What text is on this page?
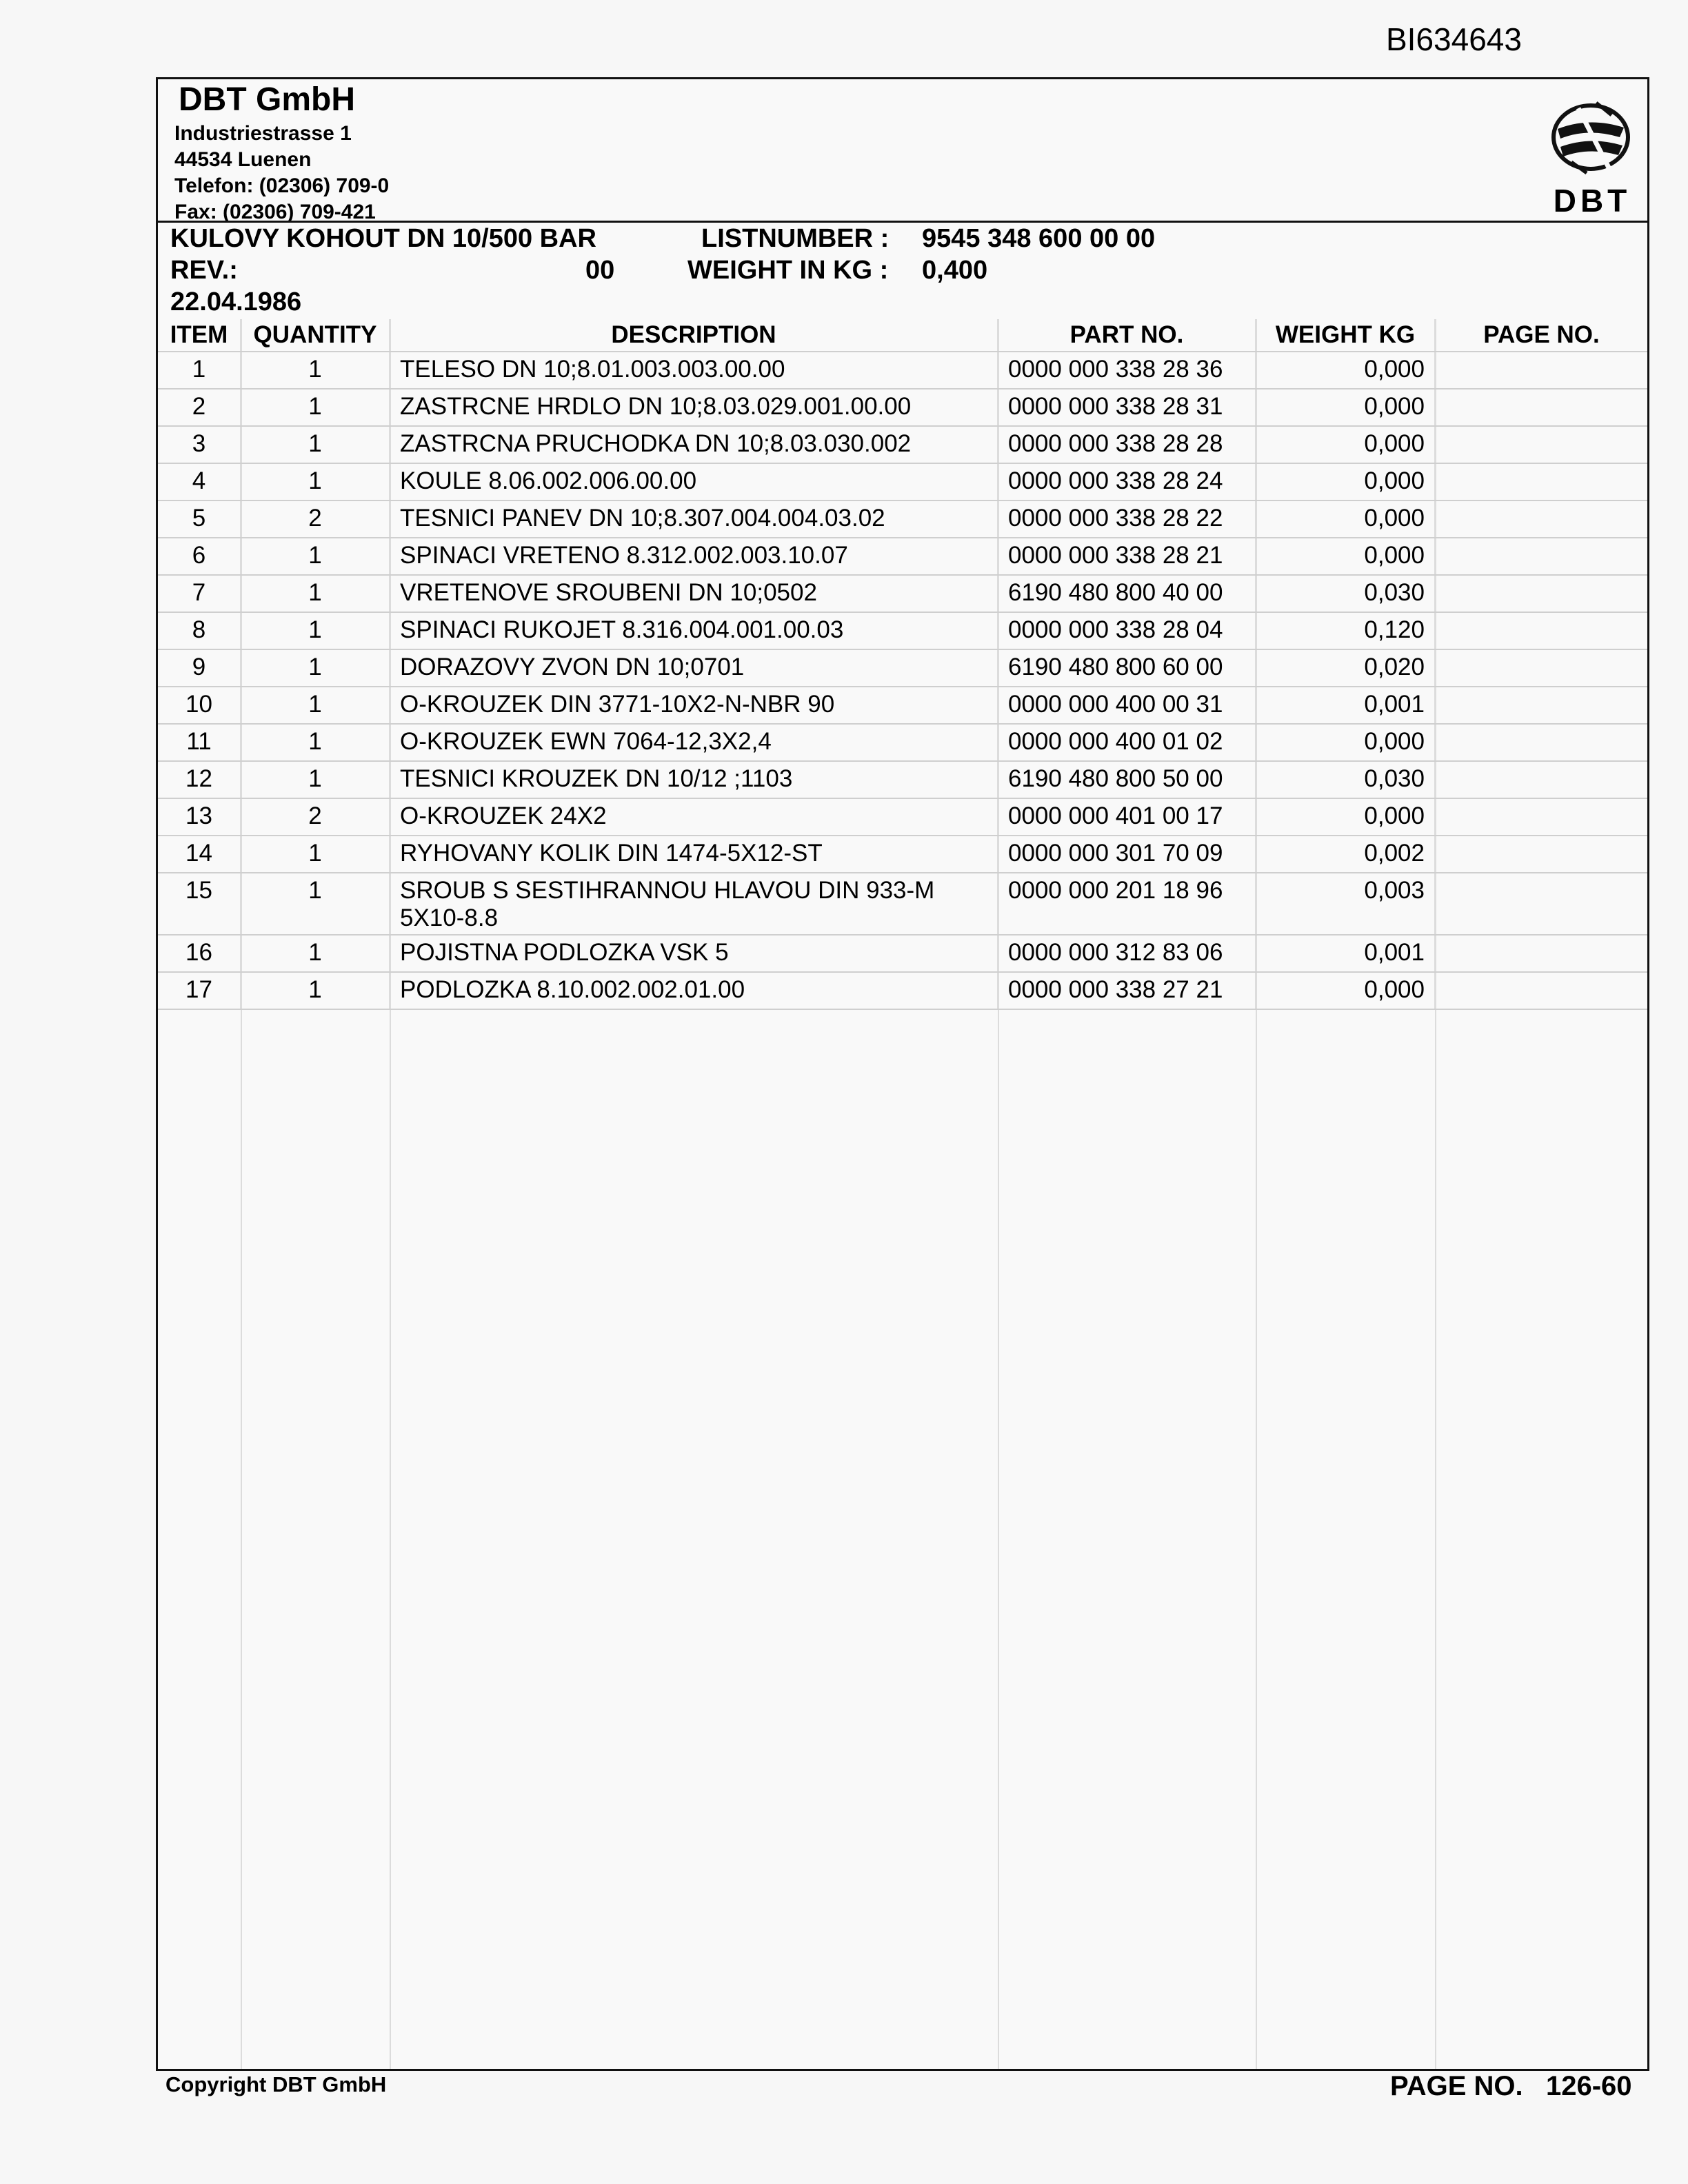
BI634643
DBT GmbH
Industriestrasse 1
44534 Luenen
Telefon: (02306) 709-0
Fax: (02306) 709-421	DBT
KULOVY KOHOUT DN 10/500 BAR	LISTNUMBER : 9545 348 600 00 00
REV.:	00	WEIGHT IN KG : 0,400
22.04.1986
ITEM	QUANTITY	DESCRIPTION	PART NO.	WEIGHT KG	PAGE NO.
1	1	TELESO DN 10;8.01.003.003.00.00	0000 000 338 28 36	0,000	
2	1	ZASTRCNE HRDLO DN 10;8.03.029.001.00.00	0000 000 338 28 31	0,000	
3	1	ZASTRCNA PRUCHODKA DN 10;8.03.030.002	0000 000 338 28 28	0,000	
4	1	KOULE 8.06.002.006.00.00	0000 000 338 28 24	0,000	
5	2	TESNICI PANEV DN 10;8.307.004.004.03.02	0000 000 338 28 22	0,000	
6	1	SPINACI VRETENO 8.312.002.003.10.07	0000 000 338 28 21	0,000	
7	1	VRETENOVE SROUBENI DN 10;0502	6190 480 800 40 00	0,030	
8	1	SPINACI RUKOJET 8.316.004.001.00.03	0000 000 338 28 04	0,120	
9	1	DORAZOVY ZVON DN 10;0701	6190 480 800 60 00	0,020	
10	1	O-KROUZEK DIN 3771-10X2-N-NBR 90	0000 000 400 00 31	0,001	
11	1	O-KROUZEK EWN 7064-12,3X2,4	0000 000 400 01 02	0,000	
12	1	TESNICI KROUZEK DN 10/12 ;1103	6190 480 800 50 00	0,030	
13	2	O-KROUZEK 24X2	0000 000 401 00 17	0,000	
14	1	RYHOVANY KOLIK DIN 1474-5X12-ST	0000 000 301 70 09	0,002	
15	1	SROUB S SESTIHRANNOU HLAVOU DIN 933-M 5X10-8.8	0000 000 201 18 96	0,003	
16	1	POJISTNA PODLOZKA VSK 5	0000 000 312 83 06	0,001	
17	1	PODLOZKA 8.10.002.002.01.00	0000 000 338 27 21	0,000	
Copyright DBT GmbH	PAGE NO. 126-60
